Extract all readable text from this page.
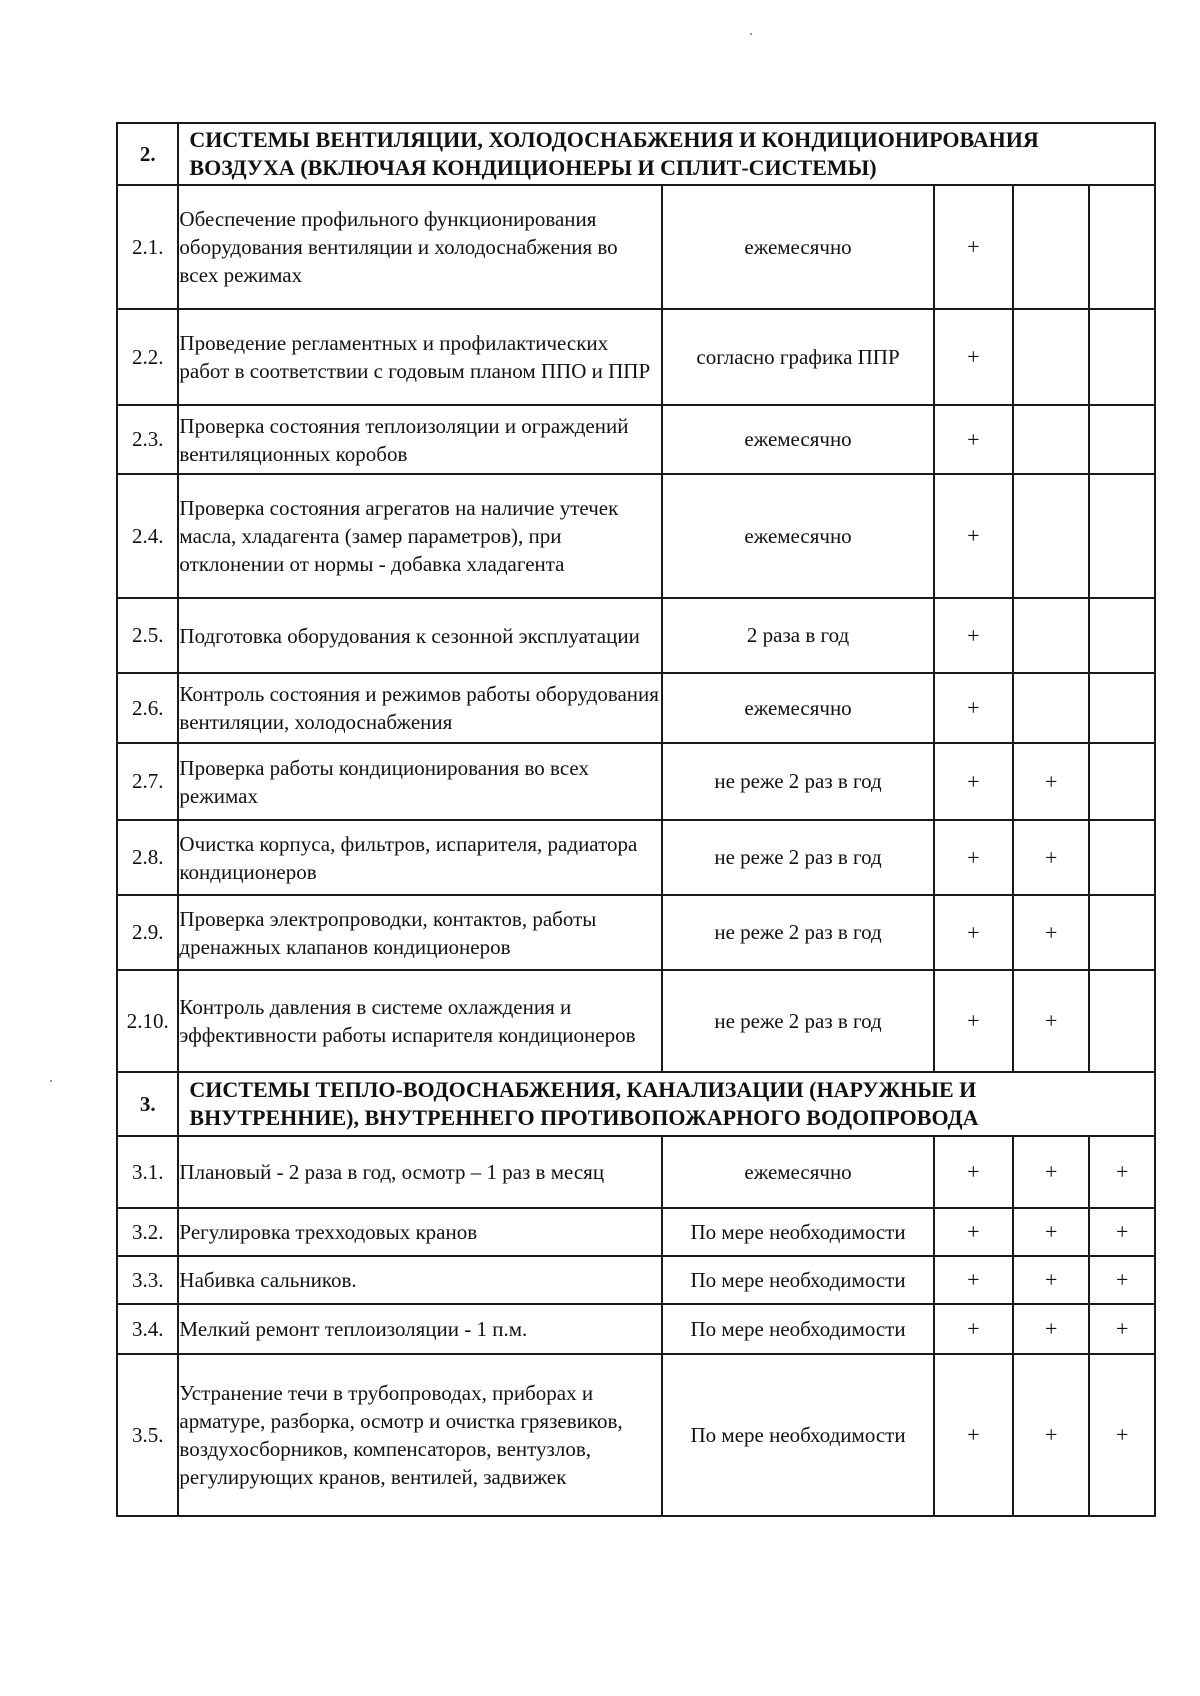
2.	СИСТЕМЫ ВЕНТИЛЯЦИИ, ХОЛОДОСНАБЖЕНИЯ И КОНДИЦИОНИРОВАНИЯ ВОЗДУХА (ВКЛЮЧАЯ КОНДИЦИОНЕРЫ И СПЛИТ-СИСТЕМЫ)				
2.1.	Обеспечение профильного функционирования оборудования вентиляции и холодоснабжения во всех режимах	ежемесячно	+		
2.2.	Проведение регламентных и профилактических работ в соответствии с годовым планом ППО и ППР	согласно графика ППР	+		
2.3.	Проверка состояния теплоизоляции и ограждений вентиляционных коробов	ежемесячно	+		
2.4.	Проверка состояния агрегатов на наличие утечек масла, хладагента (замер параметров), при отклонении от нормы - добавка хладагента	ежемесячно	+		
2.5.	Подготовка оборудования к сезонной эксплуатации	2 раза в год	+		
2.6.	Контроль состояния и режимов работы оборудования вентиляции, холодоснабжения	ежемесячно	+		
2.7.	Проверка работы кондиционирования во всех режимах	не реже 2 раз в год	+	+	
2.8.	Очистка корпуса, фильтров, испарителя, радиатора кондиционеров	не реже 2 раз в год	+	+	
2.9.	Проверка электропроводки, контактов, работы дренажных клапанов кондиционеров	не реже 2 раз в год	+	+	
2.10.	Контроль давления в системе охлаждения и эффективности работы испарителя кондиционеров	не реже 2 раз в год	+	+	
3.	СИСТЕМЫ ТЕПЛО-ВОДОСНАБЖЕНИЯ, КАНАЛИЗАЦИИ (НАРУЖНЫЕ И ВНУТРЕННИЕ), ВНУТРЕННЕГО ПРОТИВОПОЖАРНОГО ВОДОПРОВОДА				
3.1.	Плановый - 2 раза в год, осмотр – 1 раз в месяц	ежемесячно	+	+	+
3.2.	Регулировка трехходовых кранов	По мере необходимости	+	+	+
3.3.	Набивка сальников.	По мере необходимости	+	+	+
3.4.	Мелкий ремонт теплоизоляции - 1 п.м.	По мере необходимости	+	+	+
3.5.	Устранение течи в трубопроводах, приборах и арматуре, разборка, осмотр и очистка грязевиков, воздухосборников, компенсаторов, вентузлов, регулирующих кранов, вентилей, задвижек	По мере необходимости	+	+	+
